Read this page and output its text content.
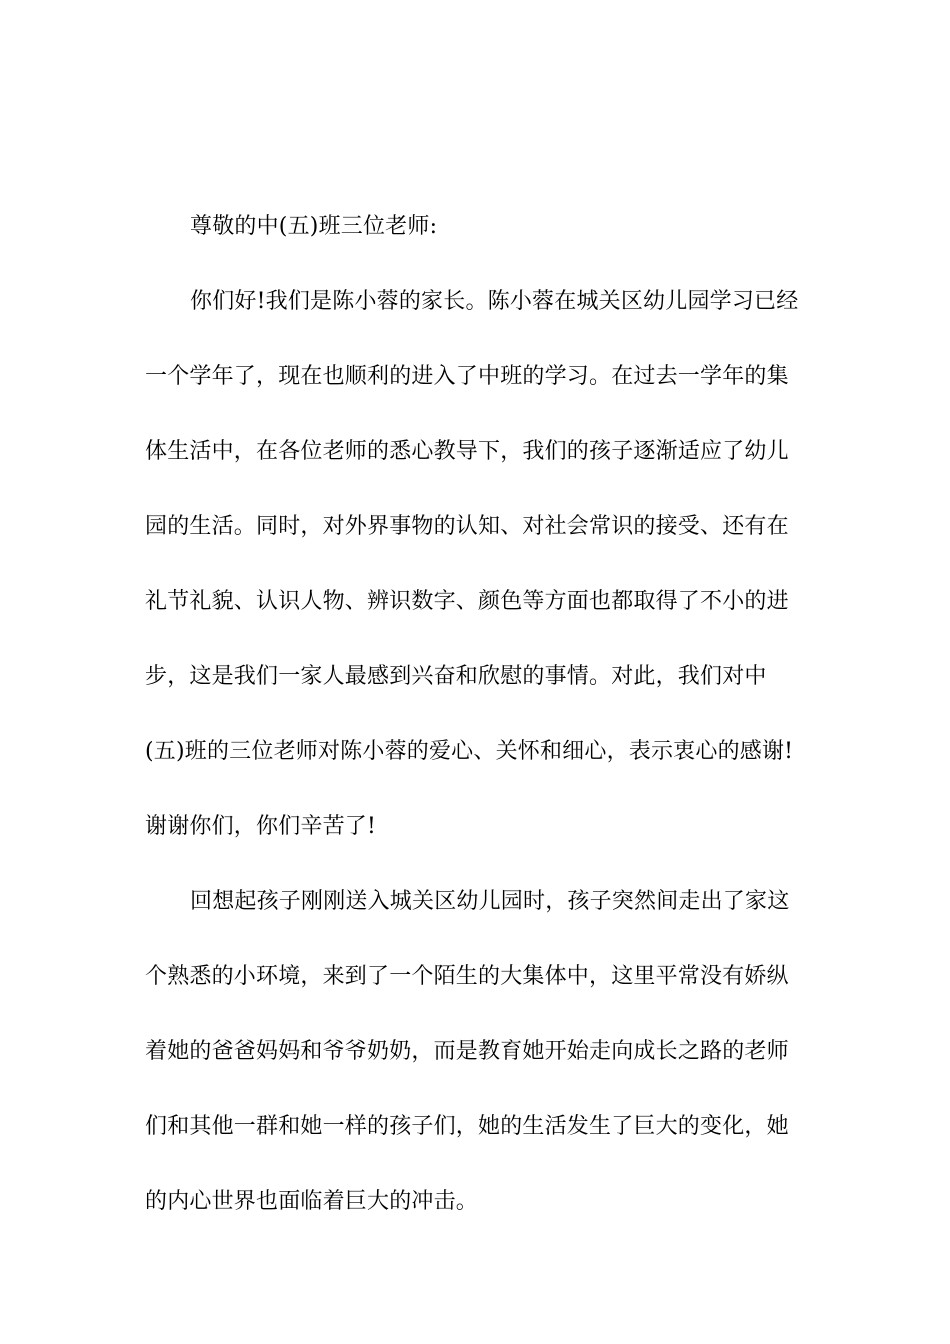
尊敬的中(五)班三位老师:
你们好!我们是陈小蓉的家长。陈小蓉在城关区幼儿园学习已经
一个学年了，现在也顺利的进入了中班的学习。在过去一学年的集
体生活中，在各位老师的悉心教导下，我们的孩子逐渐适应了幼儿
园的生活。同时，对外界事物的认知、对社会常识的接受、还有在
礼节礼貌、认识人物、辨识数字、颜色等方面也都取得了不小的进
步，这是我们一家人最感到兴奋和欣慰的事情。对此，我们对中
(五)班的三位老师对陈小蓉的爱心、关怀和细心，表示衷心的感谢!
谢谢你们，你们辛苦了!
回想起孩子刚刚送入城关区幼儿园时，孩子突然间走出了家这
个熟悉的小环境，来到了一个陌生的大集体中，这里平常没有娇纵
着她的爸爸妈妈和爷爷奶奶，而是教育她开始走向成长之路的老师
们和其他一群和她一样的孩子们，她的生活发生了巨大的变化，她
的内心世界也面临着巨大的冲击。
